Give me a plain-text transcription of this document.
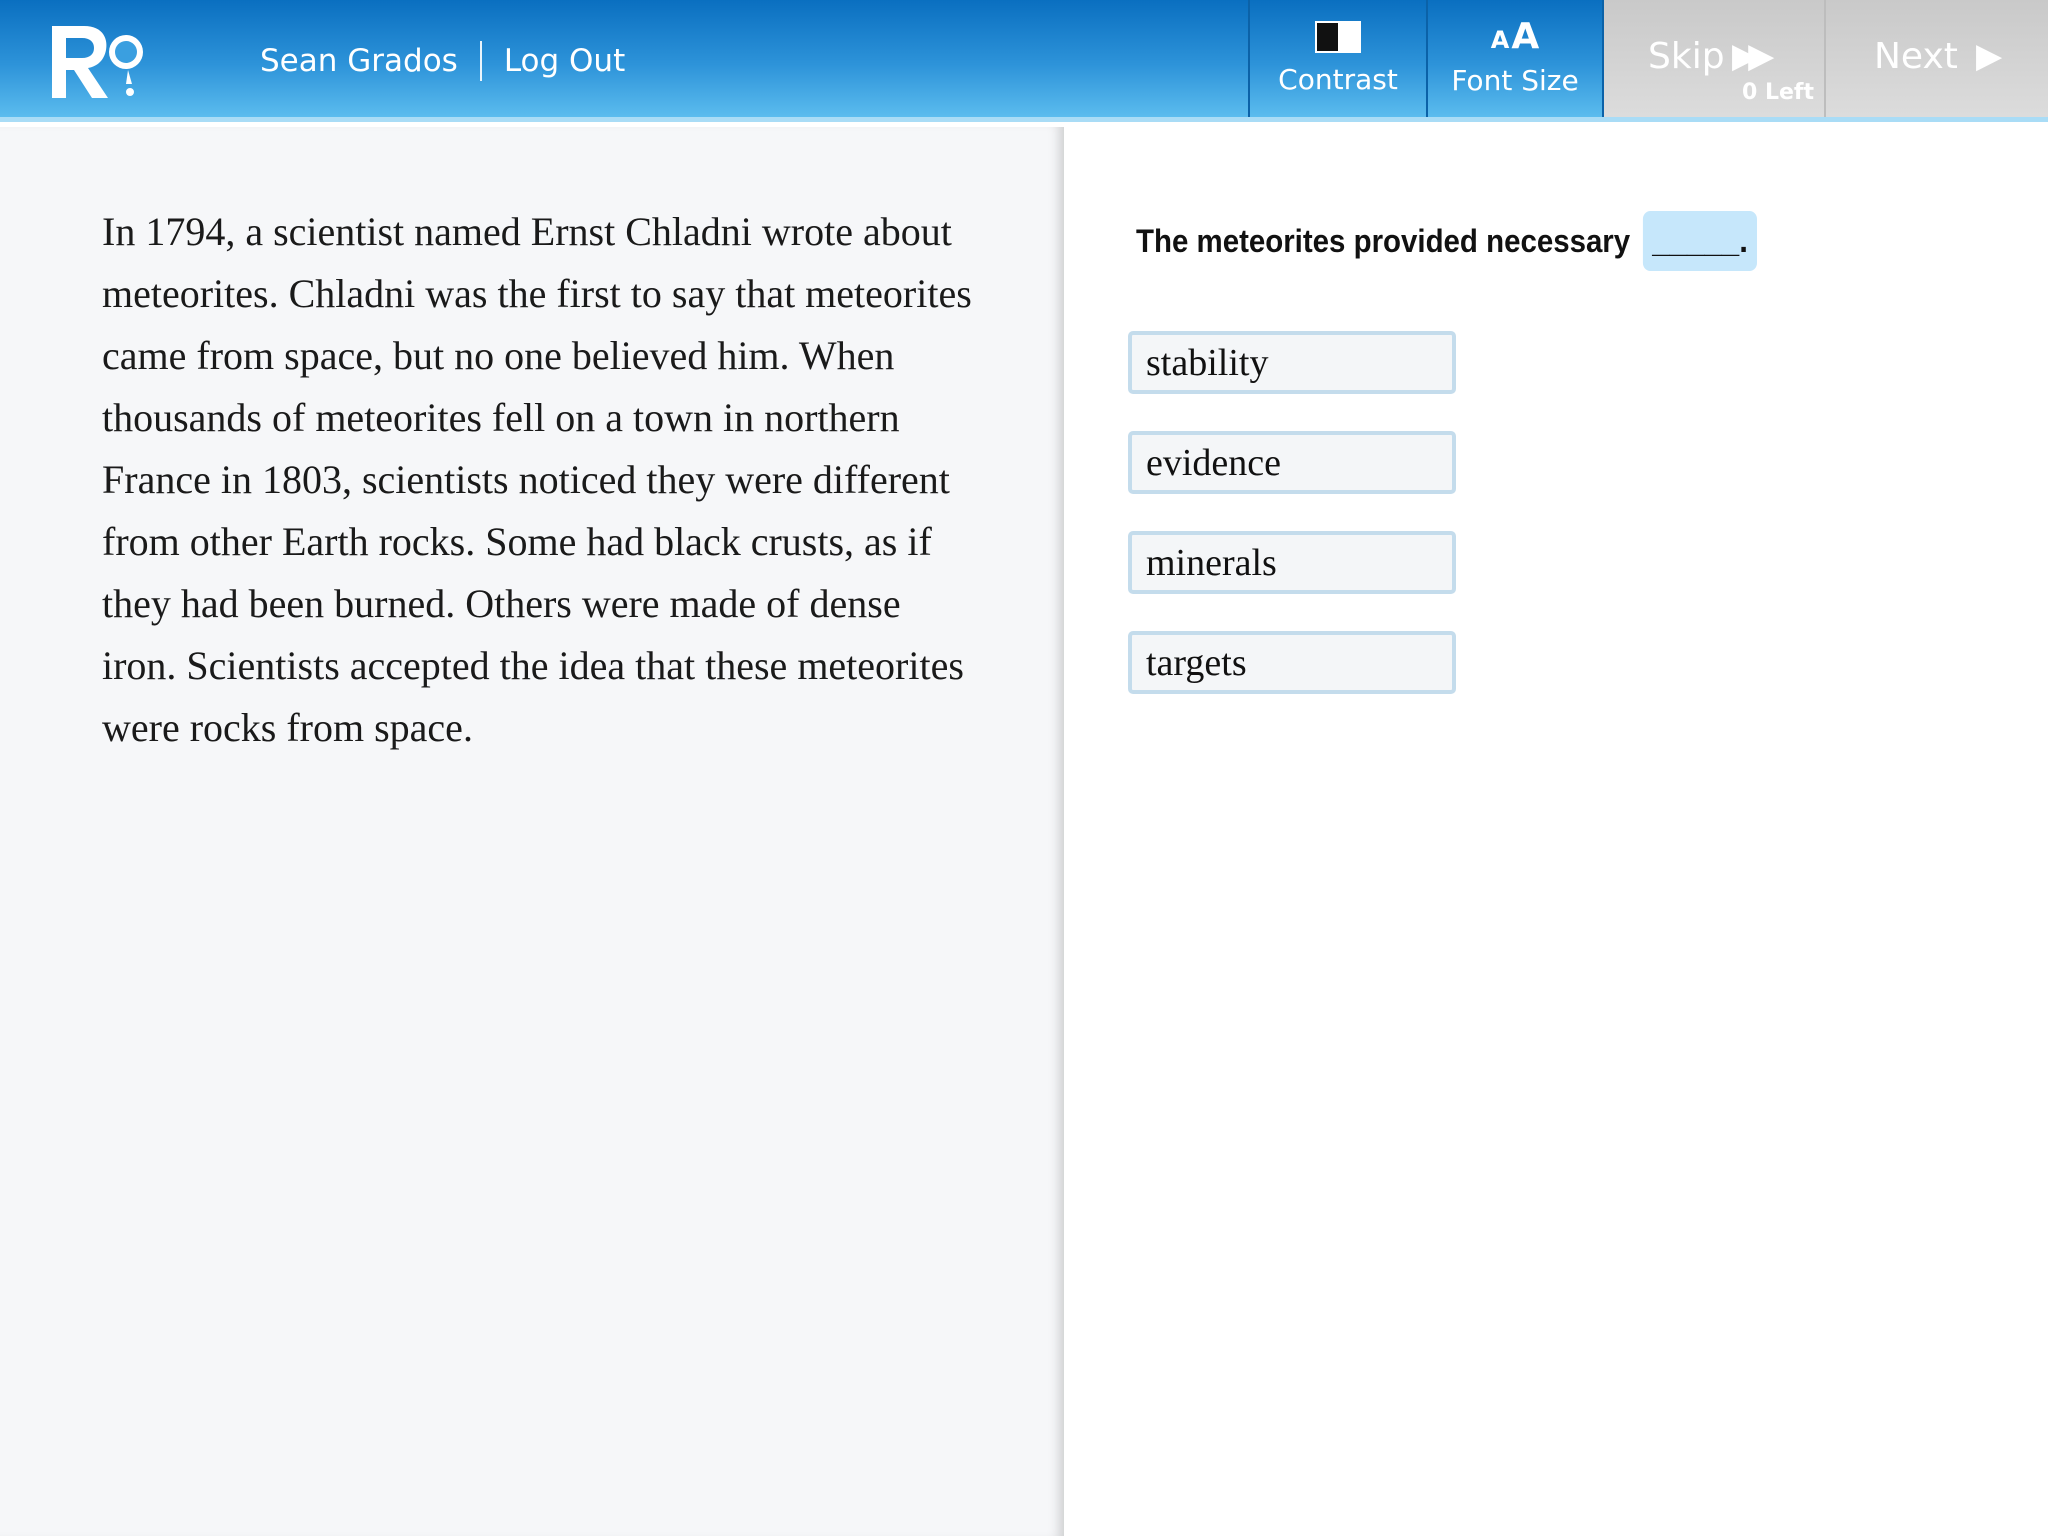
Sean Grados Log Out
Contrast
AA
Font Size
Skip ▶▶
0 Left
Next ▶

In 1794, a scientist named Ernst Chladni wrote about meteorites. Chladni was the first to say that meteorites came from space, but no one believed him. When thousands of meteorites fell on a town in northern France in 1803, scientists noticed they were different from other Earth rocks. Some had black crusts, as if they had been burned. Others were made of dense iron. Scientists accepted the idea that these meteorites were rocks from space.

The meteorites provided necessary _____.
stability
evidence
minerals
targets
